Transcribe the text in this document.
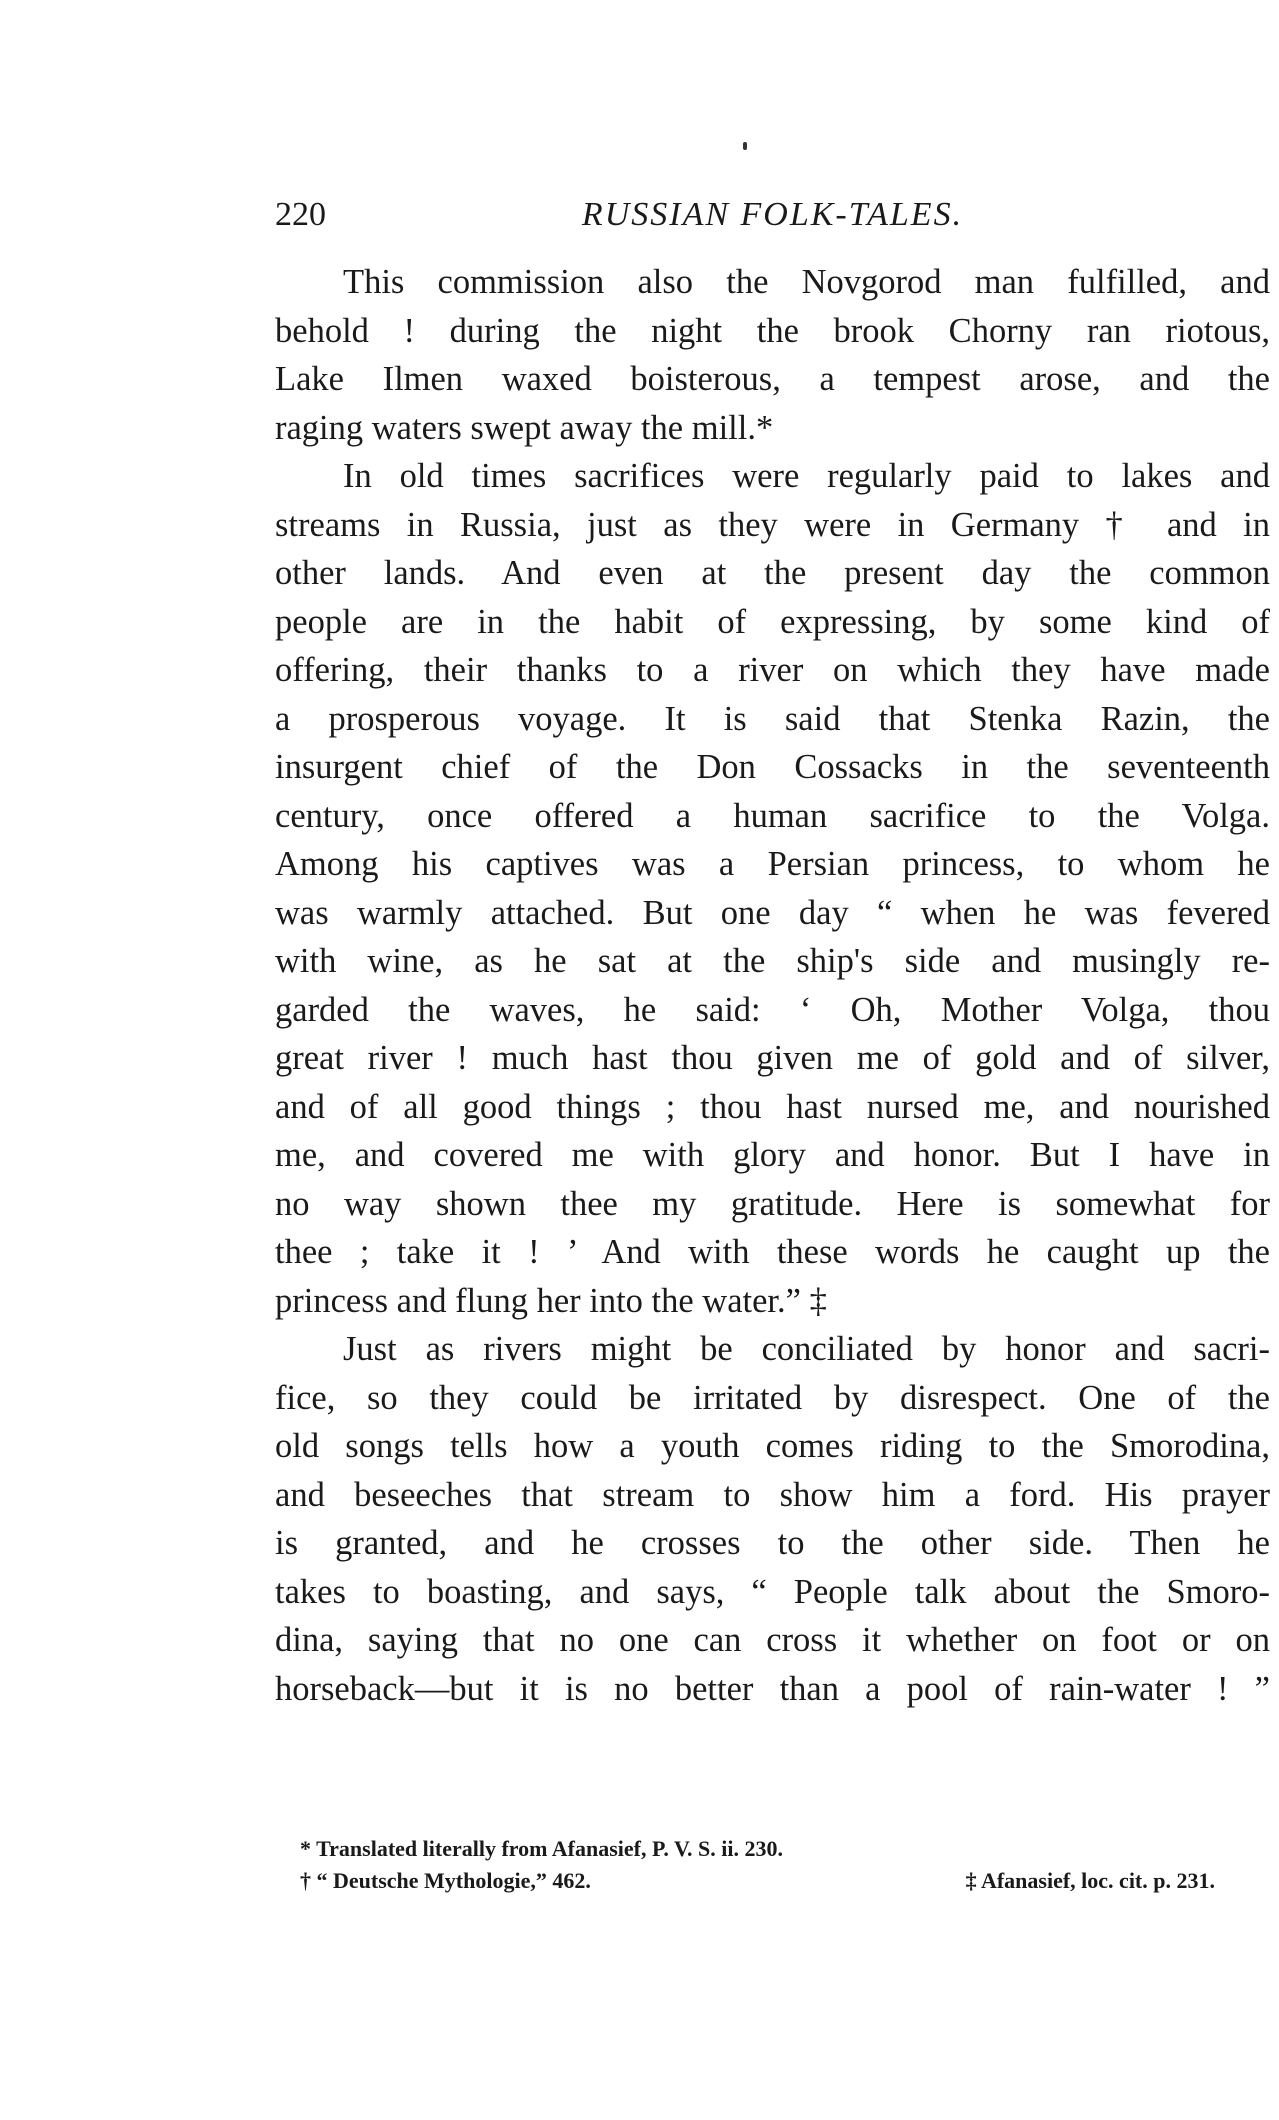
220	RUSSIAN FOLK-TALES.
This commission also the Novgorod man fulfilled, and
behold ! during the night the brook Chorny ran riotous,
Lake Ilmen waxed boisterous, a tempest arose, and the
raging waters swept away the mill.*
In old times sacrifices were regularly paid to lakes and
streams in Russia, just as they were in Germany † and in
other lands. And even at the present day the common
people are in the habit of expressing, by some kind of
offering, their thanks to a river on which they have made
a prosperous voyage. It is said that Stenka Razin, the
insurgent chief of the Don Cossacks in the seventeenth
century, once offered a human sacrifice to the Volga.
Among his captives was a Persian princess, to whom he
was warmly attached. But one day “ when he was fevered
with wine, as he sat at the ship's side and musingly re-
garded the waves, he said: ‘ Oh, Mother Volga, thou
great river ! much hast thou given me of gold and of silver,
and of all good things ; thou hast nursed me, and nourished
me, and covered me with glory and honor. But I have in
no way shown thee my gratitude. Here is somewhat for
thee ; take it ! ’ And with these words he caught up the
princess and flung her into the water.” ‡
Just as rivers might be conciliated by honor and sacri-
fice, so they could be irritated by disrespect. One of the
old songs tells how a youth comes riding to the Smorodina,
and beseeches that stream to show him a ford. His prayer
is granted, and he crosses to the other side. Then he
takes to boasting, and says, “ People talk about the Smoro-
dina, saying that no one can cross it whether on foot or on
horseback—but it is no better than a pool of rain-water ! ”
* Translated literally from Afanasief, P. V. S. ii. 230.
† “ Deutsche Mythologie,” 462.	‡ Afanasief, loc. cit. p. 231.
